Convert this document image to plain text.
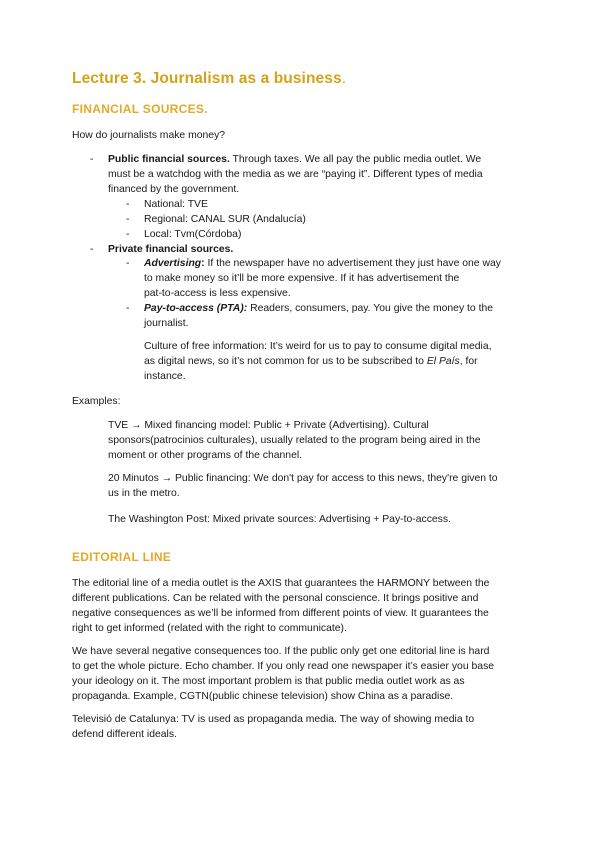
Lecture 3. Journalism as a business.
FINANCIAL SOURCES.
How do journalists make money?
- Public financial sources. Through taxes. We all pay the public media outlet. We
must be a watchdog with the media as we are “paying it”. Different types of media
financed by the government.
- National: TVE
- Regional: CANAL SUR (Andalucía)
- Local: Tvm(Córdoba)
- Private financial sources.
- Advertising: If the newspaper have no advertisement they just have one way
to make money so it’ll be more expensive. If it has advertisement the
pat-to-access is less expensive.
- Pay-to-access (PTA): Readers, consumers, pay. You give the money to the
journalist.
Culture of free information: It’s weird for us to pay to consume digital media,
as digital news, so it’s not common for us to be subscribed to El País, for
instance.
Examples:
TVE → Mixed financing model: Public + Private (Advertising). Cultural
sponsors(patrocinios culturales), usually related to the program being aired in the
moment or other programs of the channel.
20 Minutos → Public financing: We don't pay for access to this news, they're given to
us in the metro.
The Washington Post: Mixed private sources: Advertising + Pay-to-access.
EDITORIAL LINE
The editorial line of a media outlet is the AXIS that guarantees the HARMONY between the
different publications. Can be related with the personal conscience. It brings positive and
negative consequences as we’ll be informed from different points of view. It guarantees the
right to get informed (related with the right to communicate).
We have several negative consequences too. If the public only get one editorial line is hard
to get the whole picture. Echo chamber. If you only read one newspaper it’s easier you base
your ideology on it. The most important problem is that public media outlet work as as
propaganda. Example, CGTN(public chinese television) show China as a paradise.
Televisió de Catalunya: TV is used as propaganda media. The way of showing media to
defend different ideals.
